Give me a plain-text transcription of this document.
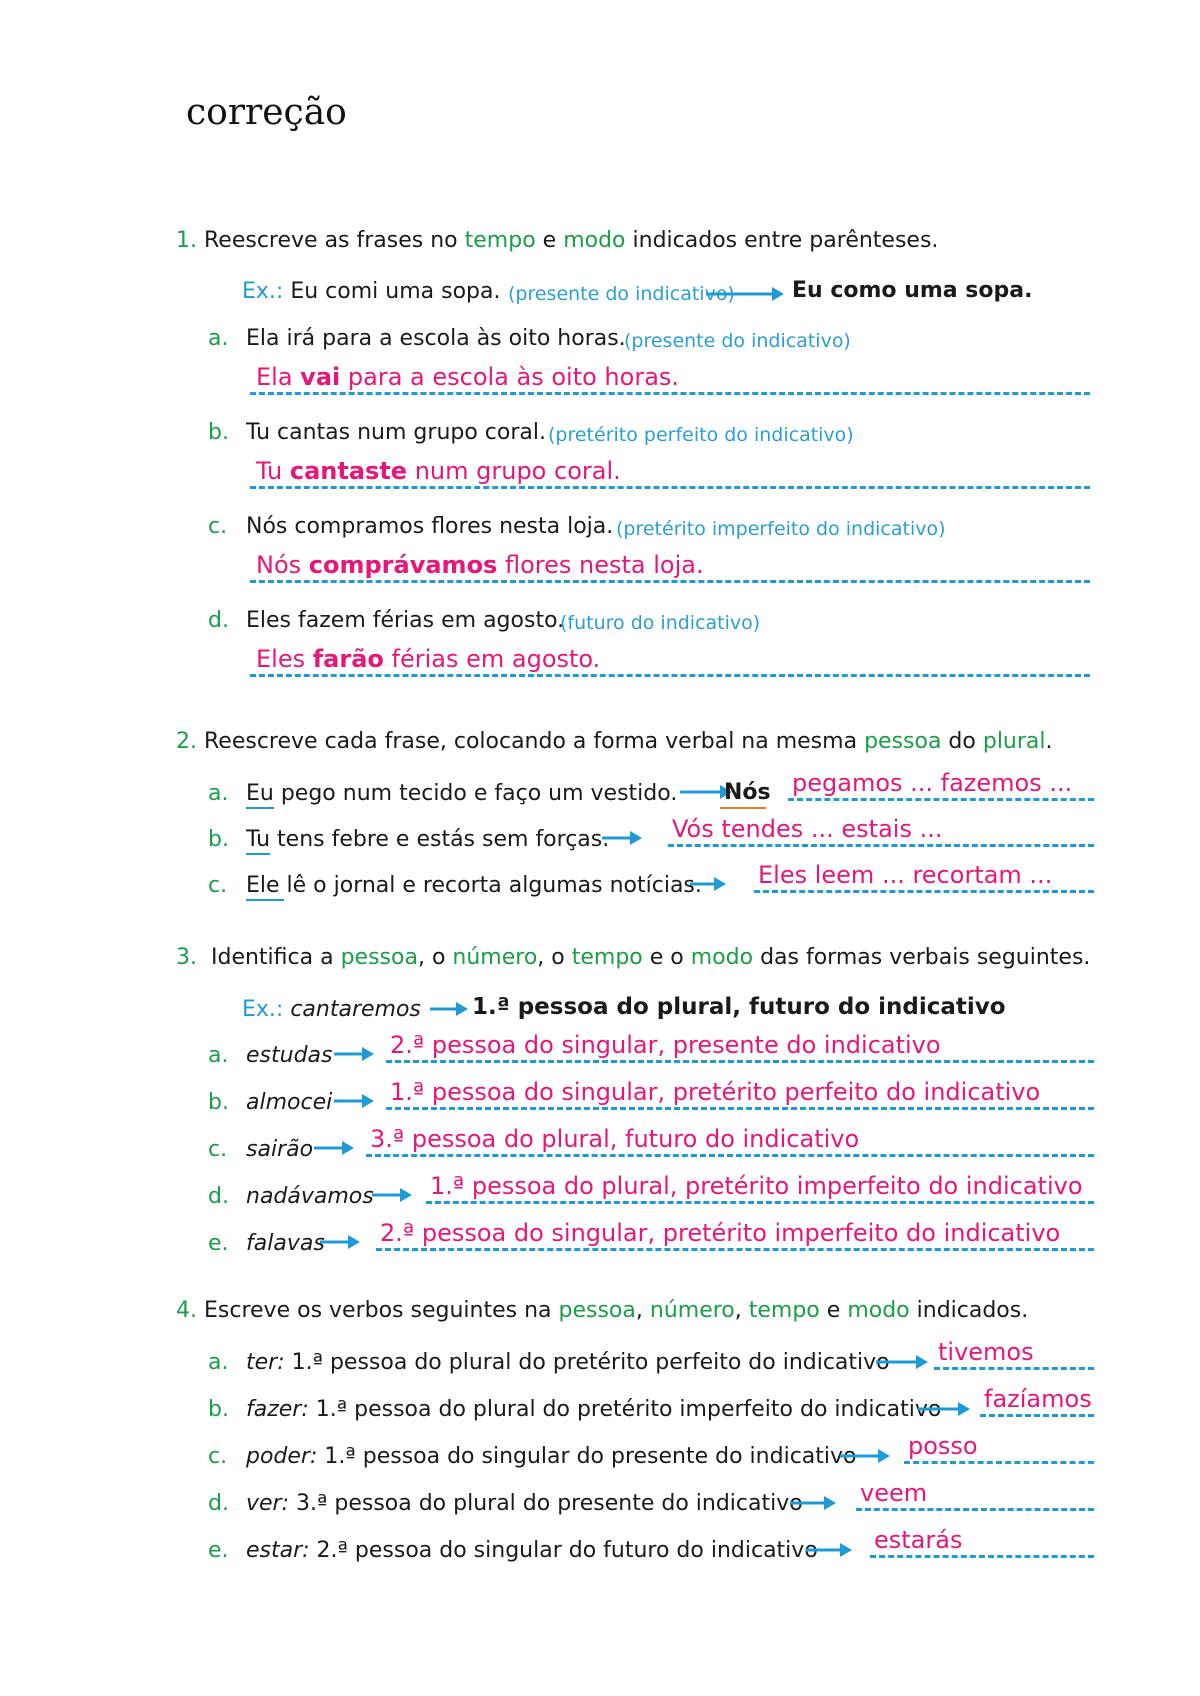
correção
1. Reescreve as frases no tempo e modo indicados entre parênteses.
Ex.: Eu comi uma sopa. (presente do indicativo)	Eu como uma sopa.
a. Ela irá para a escola às oito horas.
(presente do indicativo)
Ela vai para a escola às oito horas.
b. Tu cantas num grupo coral. (pretérito perfeito do indicativo)
Tu cantaste num grupo coral.
c. Nós compramos flores nesta loja. (pretérito imperfeito do indicativo)
Nós comprávamos flores nesta loja.
d. Eles fazem férias em agosto.
(futuro do indicativo)
Eles farão férias em agosto.
2. Reescreve cada frase, colocando a forma verbal na mesma pessoa do plural.
a. Eu pego num tecido e faço um vestido. Nós pegamos ... fazemos ...
b. Tu tens febre e estás sem forças.	Vós tendes ... estais ...
c. Ele lê o jornal e recorta algumas notícias. Eles leem ... recortam ...
3. Identifica a pessoa, o número, o tempo e o modo das formas verbais seguintes.
Ex.: cantaremos 1.ª pessoa do plural, futuro do indicativo
a. estudas 2.ª pessoa do singular, presente do indicativo
b. almocei 1.ª pessoa do singular, pretérito perfeito do indicativo
c. sairão 3.ª pessoa do plural, futuro do indicativo
d. nadávamos 1.ª pessoa do plural, pretérito imperfeito do indicativo
e. falavas 2.ª pessoa do singular, pretérito imperfeito do indicativo
4. Escreve os verbos seguintes na pessoa, número, tempo e modo indicados.
a. ter: 1.ª pessoa do plural do pretérito perfeito do indicativo tivemos
b. fazer: 1.ª pessoa do plural do pretérito imperfeito do indicativo fazíamos
c. poder: 1.ª pessoa do singular do presente do indicativo posso
d. ver: 3.ª pessoa do plural do presente do indicativo veem
e. estar: 2.ª pessoa do singular do futuro do indicativo estarás
